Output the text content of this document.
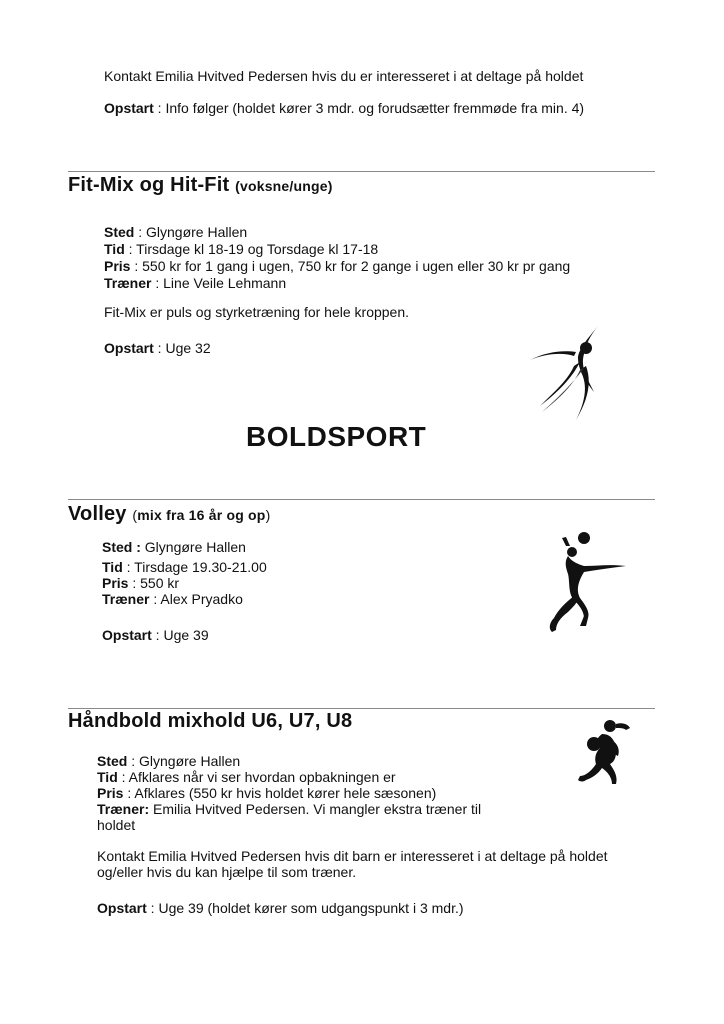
Kontakt Emilia Hvitved Pedersen hvis du er interesseret i at deltage på holdet
Opstart : Info følger (holdet kører 3 mdr. og forudsætter fremmøde fra min. 4)
Fit-Mix og Hit-Fit (voksne/unge)
Sted : Glyngøre Hallen
Tid : Tirsdage kl 18-19 og Torsdage kl 17-18
Pris : 550 kr for 1 gang i ugen, 750 kr for 2 gange i ugen eller 30 kr pr gang
Træner : Line Veile Lehmann
Fit-Mix er puls og styrketræning for hele kroppen.
Opstart : Uge 32
BOLDSPORT
Volley (mix fra 16 år og op)
Sted : Glyngøre Hallen
Tid : Tirsdage 19.30-21.00
Pris : 550 kr
Træner : Alex Pryadko
Opstart : Uge 39
Håndbold mixhold U6, U7, U8
Sted : Glyngøre Hallen
Tid : Afklares når vi ser hvordan opbakningen er
Pris : Afklares (550 kr hvis holdet kører hele sæsonen)
Træner: Emilia Hvitved Pedersen. Vi mangler ekstra træner til
holdet
Kontakt Emilia Hvitved Pedersen hvis dit barn er interesseret i at deltage på holdet
og/eller hvis du kan hjælpe til som træner.
Opstart : Uge 39 (holdet kører som udgangspunkt i 3 mdr.)
